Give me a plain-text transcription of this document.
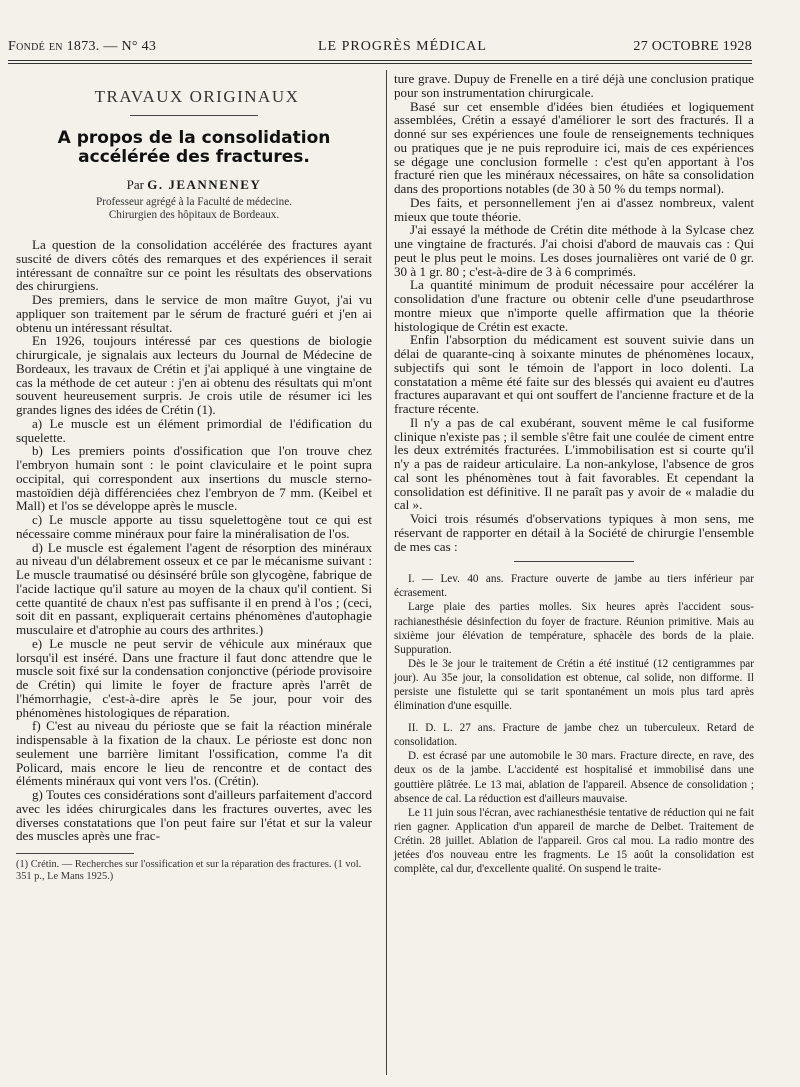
Fondé en 1873. — N° 43	LE PROGRÈS MÉDICAL	27 OCTOBRE 1928
TRAVAUX ORIGINAUX
A propos de la consolidation accélérée des fractures.
Par G. JEANNENEY
Professeur agrégé à la Faculté de médecine.
Chirurgien des hôpitaux de Bordeaux.

La question de la consolidation accélérée des fractures ayant suscité de divers côtés des remarques et des expériences il serait intéressant de connaître sur ce point les résultats des observations des chirurgiens.

Des premiers, dans le service de mon maître Guyot, j'ai vu appliquer son traitement par le sérum de fracturé guéri et j'en ai obtenu un intéressant résultat.

En 1926, toujours intéressé par ces questions de biologie chirurgicale, je signalais aux lecteurs du Journal de Médecine de Bordeaux, les travaux de Crétin et j'ai appliqué à une vingtaine de cas la méthode de cet auteur : j'en ai obtenu des résultats qui m'ont souvent heureusement surpris. Je crois utile de résumer ici les grandes lignes des idées de Crétin (1).

a) Le muscle est un élément primordial de l'édification du squelette.

b) Les premiers points d'ossification que l'on trouve chez l'embryon humain sont : le point claviculaire et le point supra occipital, qui correspondent aux insertions du muscle sterno-mastoïdien déjà différenciées chez l'embryon de 7 mm. (Keibel et Mall) et l'os se développe après le muscle.

c) Le muscle apporte au tissu squelettogène tout ce qui est nécessaire comme minéraux pour faire la minéralisation de l'os.

d) Le muscle est également l'agent de résorption des minéraux au niveau d'un délabrement osseux et ce par le mécanisme suivant : Le muscle traumatisé ou désinséré brûle son glycogène, fabrique de l'acide lactique qu'il sature au moyen de la chaux qu'il contient. Si cette quantité de chaux n'est pas suffisante il en prend à l'os ; (ceci, soit dit en passant, expliquerait certains phénomènes d'autophagie musculaire et d'atrophie au cours des arthrites.)

e) Le muscle ne peut servir de véhicule aux minéraux que lorsqu'il est inséré. Dans une fracture il faut donc attendre que le muscle soit fixé sur la condensation conjonctive (période provisoire de Crétin) qui limite le foyer de fracture après l'arrêt de l'hémorrhagie, c'est-à-dire après le 5e jour, pour voir des phénomènes histologiques de réparation.

f) C'est au niveau du périoste que se fait la réaction minérale indispensable à la fixation de la chaux. Le périoste est donc non seulement une barrière limitant l'ossification, comme l'a dit Policard, mais encore le lieu de rencontre et de contact des éléments minéraux qui vont vers l'os. (Crétin).

g) Toutes ces considérations sont d'ailleurs parfaitement d'accord avec les idées chirurgicales dans les fractures ouvertes, avec les diverses constatations que l'on peut faire sur l'état et sur la valeur des muscles après une frac-

(1) Crétin. — Recherches sur l'ossification et sur la réparation des fractures. (1 vol. 351 p., Le Mans 1925.)

ture grave. Dupuy de Frenelle en a tiré déjà une conclusion pratique pour son instrumentation chirurgicale.

Basé sur cet ensemble d'idées bien étudiées et logiquement assemblées, Crétin a essayé d'améliorer le sort des fracturés. Il a donné sur ses expériences une foule de renseignements techniques ou pratiques que je ne puis reproduire ici, mais de ces expériences se dégage une conclusion formelle : c'est qu'en apportant à l'os fracturé rien que les minéraux nécessaires, on hâte sa consolidation dans des proportions notables (de 30 à 50 % du temps normal).

Des faits, et personnellement j'en ai d'assez nombreux, valent mieux que toute théorie.

J'ai essayé la méthode de Crétin dite méthode à la Sylcase chez une vingtaine de fracturés. J'ai choisi d'abord de mauvais cas : Qui peut le plus peut le moins. Les doses journalières ont varié de 0 gr. 30 à 1 gr. 80 ; c'est-à-dire de 3 à 6 comprimés.

La quantité minimum de produit nécessaire pour accélérer la consolidation d'une fracture ou obtenir celle d'une pseudarthrose montre mieux que n'importe quelle affirmation que la théorie histologique de Crétin est exacte.

Enfin l'absorption du médicament est souvent suivie dans un délai de quarante-cinq à soixante minutes de phénomènes locaux, subjectifs qui sont le témoin de l'apport in loco dolenti. La constatation a même été faite sur des blessés qui avaient eu d'autres fractures auparavant et qui ont souffert de l'ancienne fracture et de la fracture récente.

Il n'y a pas de cal exubérant, souvent même le cal fusiforme clinique n'existe pas ; il semble s'être fait une coulée de ciment entre les deux extrémités fracturées. L'immobilisation est si courte qu'il n'y a pas de raideur articulaire. La non-ankylose, l'absence de gros cal sont les phénomènes tout à fait favorables. Et cependant la consolidation est définitive. Il ne paraît pas y avoir de « maladie du cal ».

Voici trois résumés d'observations typiques à mon sens, me réservant de rapporter en détail à la Société de chirurgie l'ensemble de mes cas :

I. — Lev. 40 ans. Fracture ouverte de jambe au tiers inférieur par écrasement.

Large plaie des parties molles. Six heures après l'accident sous-rachianesthésie désinfection du foyer de fracture. Réunion primitive. Mais au sixième jour élévation de température, sphacèle des bords de la plaie. Suppuration.

Dès le 3e jour le traitement de Crétin a été institué (12 centigrammes par jour). Au 35e jour, la consolidation est obtenue, cal solide, non difforme. Il persiste une fistulette qui se tarit spontanément un mois plus tard après élimination d'une esquille.

II. D. L. 27 ans. Fracture de jambe chez un tuberculeux. Retard de consolidation.

D. est écrasé par une automobile le 30 mars. Fracture directe, en rave, des deux os de la jambe. L'accidenté est hospitalisé et immobilisé dans une gouttière plâtrée. Le 13 mai, ablation de l'appareil. Absence de consolidation ; absence de cal. La réduction est d'ailleurs mauvaise.

Le 11 juin sous l'écran, avec rachianesthésie tentative de réduction qui ne fait rien gagner. Application d'un appareil de marche de Delbet. Traitement de Crétin. 28 juillet. Ablation de l'appareil. Gros cal mou. La radio montre des jetées d'os nouveau entre les fragments. Le 15 août la consolidation est complète, cal dur, d'excellente qualité. On suspend le traite-
